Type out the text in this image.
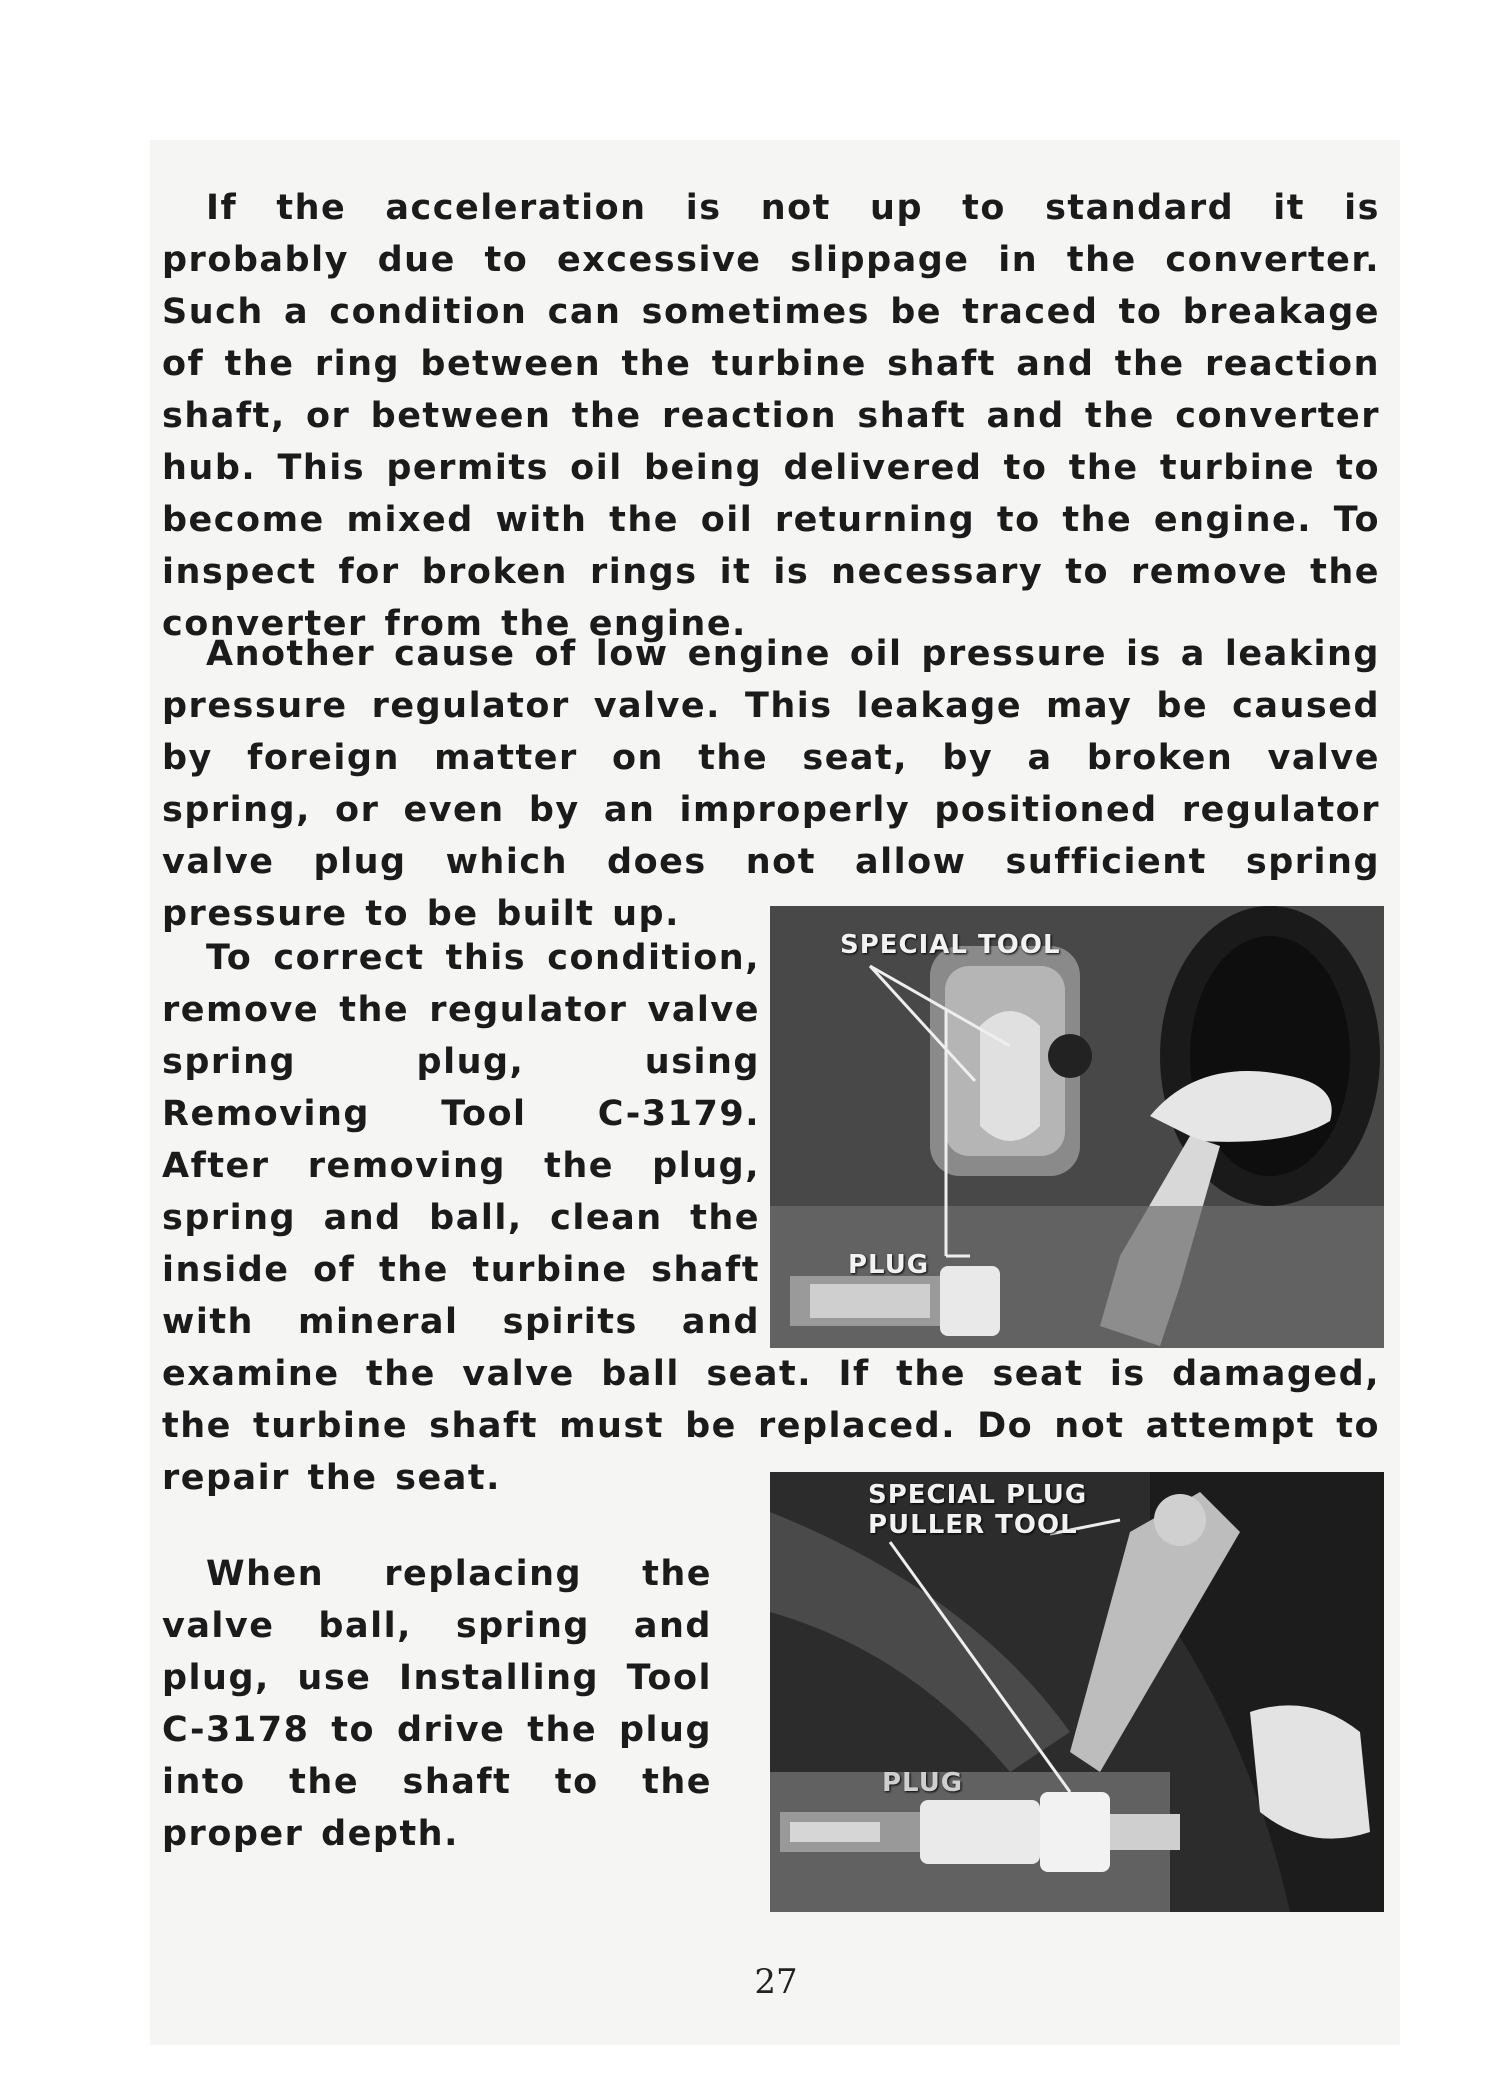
If the acceleration is not up to standard it is probably due to excessive slippage in the converter. Such a condition can sometimes be traced to breakage of the ring between the turbine shaft and the reaction shaft, or between the reaction shaft and the converter hub. This permits oil being delivered to the turbine to become mixed with the oil returning to the engine. To inspect for broken rings it is necessary to remove the converter from the engine.

Another cause of low engine oil pressure is a leaking pressure regulator valve. This leakage may be caused by foreign matter on the seat, by a broken valve spring, or even by an improperly positioned regulator valve plug which does not allow sufficient spring pressure to be built up.

To correct this condition, remove the regulator valve spring plug, using Removing Tool C-3179. After removing the plug, spring and ball, clean the inside of the turbine shaft with mineral spirits and examine the valve ball seat. If the seat is damaged, the turbine shaft must be replaced. Do not attempt to repair the seat.

When replacing the valve ball, spring and plug, use Installing Tool C-3178 to drive the plug into the shaft to the proper depth.

SPECIAL TOOL
PLUG
SPECIAL PLUG PULLER TOOL
PLUG
27
